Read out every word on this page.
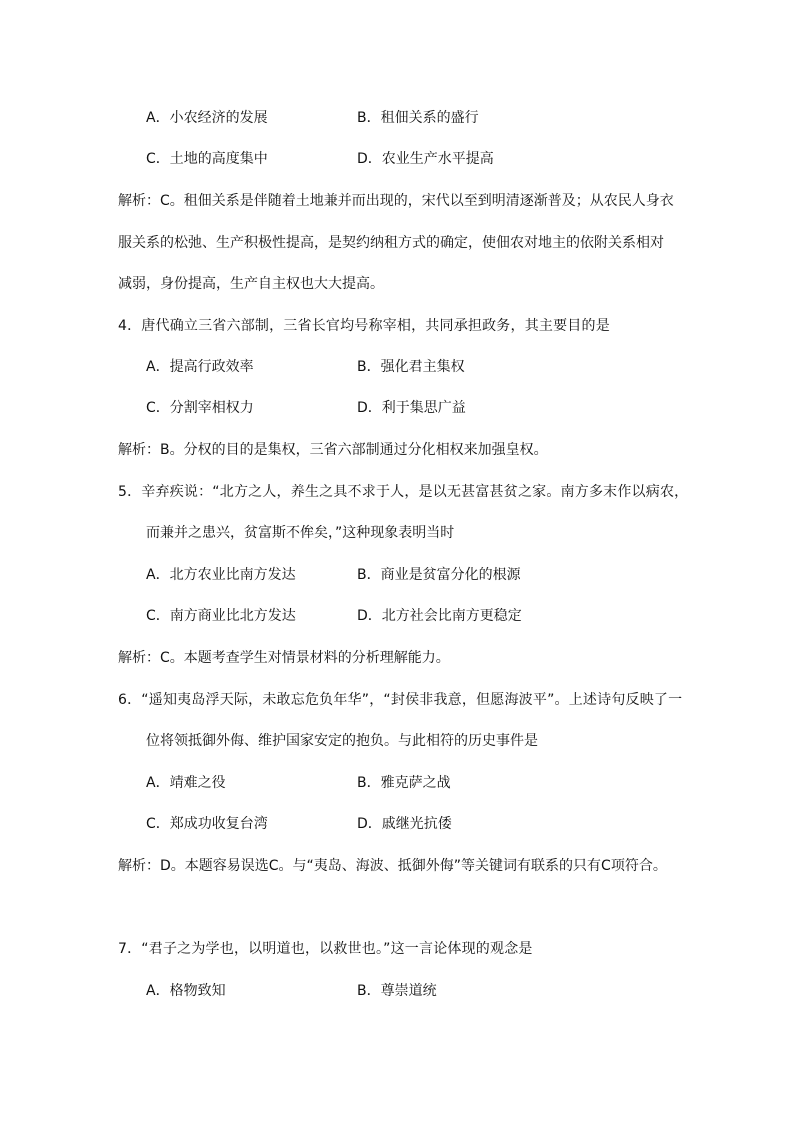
A．小农经济的发展	B．租佃关系的盛行
C．土地的高度集中	D．农业生产水平提高
解析：C。租佃关系是伴随着土地兼并而出现的，宋代以至到明清逐渐普及；从农民人身衣
服关系的松弛、生产积极性提高，是契约纳租方式的确定，使佃农对地主的依附关系相对
减弱，身份提高，生产自主权也大大提高。
4．唐代确立三省六部制，三省长官均号称宰相，共同承担政务，其主要目的是
A．提高行政效率	B．强化君主集权
C．分割宰相权力	D．利于集思广益
解析：B。分权的目的是集权，三省六部制通过分化相权来加强皇权。
5．辛弃疾说：“北方之人，养生之具不求于人，是以无甚富甚贫之家。南方多末作以病农，
而兼并之患兴，贫富斯不侔矣，”这种现象表明当时
A．北方农业比南方发达	B．商业是贫富分化的根源
C．南方商业比北方发达	D．北方社会比南方更稳定
解析：C。本题考查学生对情景材料的分析理解能力。
6．“遥知夷岛浮天际，未敢忘危负年华”，“封侯非我意，但愿海波平”。上述诗句反映了一
位将领抵御外侮、维护国家安定的抱负。与此相符的历史事件是
A．靖难之役	B．雅克萨之战
C．郑成功收复台湾	D．戚继光抗倭
解析：D。本题容易误选C。与“夷岛、海波、抵御外侮”等关键词有联系的只有C项符合。
7．“君子之为学也，以明道也，以救世也。”这一言论体现的观念是
A．格物致知	B．尊崇道统
